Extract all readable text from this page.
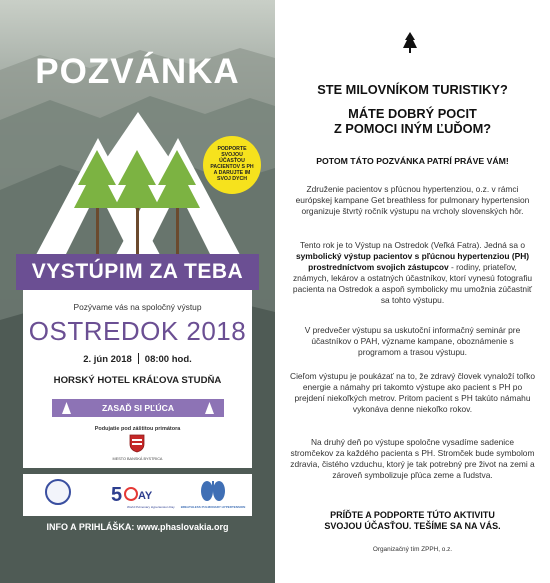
POZVÁNKA
PODPORTE SVOJOU ÚČASŤOU PACIENTOV S PH A DARUJTE IM SVOJ DYCH
VYSTÚPIM ZA TEBA
Pozývame vás na spoločný výstup
OSTREDOK 2018
2. jún 2018 08:00 hod.
HORSKÝ HOTEL KRÁĽOVA STUDŇA
ZASAĎ SI PĽÚCA
Podujatie pod záštitou primátora
MESTO BANSKÁ BYSTRICA
5 AY
World Pulmonary Hypertension Day BREATHLESS PULMONARY HYPERTENSION
INFO A PRIHLÁŠKA: www.phaslovakia.org
STE MILOVNÍKOM TURISTIKY?
MÁTE DOBRÝ POCIT
Z POMOCI INÝM ĽUĎOM?
POTOM TÁTO POZVÁNKA PATRÍ PRÁVE VÁM!
Združenie pacientov s pľúcnou hypertenziou, o.z. v rámci európskej kampane Get breathless for pulmonary hypertension organizuje štvrtý ročník výstupu na vrcholy slovenských hôr.
Tento rok je to Výstup na Ostredok (Veľká Fatra). Jedná sa o symbolický výstup pacientov s pľúcnou hypertenziou (PH) prostredníctvom svojich zástupcov - rodiny, priateľov, známych, lekárov a ostatných účastníkov, ktorí vynesú fotografiu pacienta na Ostredok a aspoň symbolicky mu umožnia zúčastniť sa tohto výstupu.
V predvečer výstupu sa uskutoční informačný seminár pre účastníkov o PAH, význame kampane, oboznámenie s programom a trasou výstupu.
Cieľom výstupu je poukázať na to, že zdravý človek vynaloží toľko energie a námahy pri takomto výstupe ako pacient s PH po prejdení niekoľkých metrov. Pritom pacient s PH takúto námahu vykonáva denne niekoľko rokov.
Na druhý deň po výstupe spoločne vysadíme sadenice stromčekov za každého pacienta s PH. Stromček bude symbolom zdravia, čistého vzduchu, ktorý je tak potrebný pre život na zemi a zároveň symbolizuje pľúca zeme a ľudstva.
PRÍĎTE A PODPORTE TÚTO AKTIVITU
SVOJOU ÚČASŤOU. TEŠÍME SA NA VÁS.
Organizačný tím ZPPH, o.z.
